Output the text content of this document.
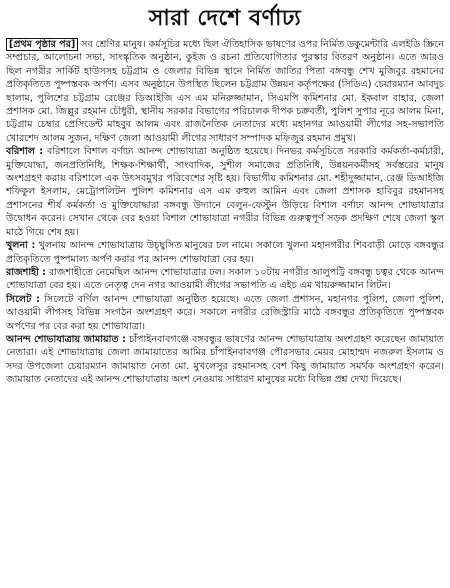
সারা দেশে বর্ণাঢ্য

[প্রথম পৃষ্ঠার পর] সব শ্রেণির মানুষ। কর্মসূচির মধ্যে ছিল ঐতিহাসিক ভাষণের ওপর নির্মিত ডকুমেন্টারি এলইডি স্ক্রিনে সম্প্রচার, আলোচনা সভা, সাংস্কৃতিক অনুষ্ঠান, কুইজ ও রচনা প্রতিযোগিতার পুরস্কার বিতরণ অনুষ্ঠান। এতে আরও ছিল নগরীর সার্কিট হাউসসহ চট্টগ্রাম ও জেলার বিভিন্ন স্থানে নির্মিত জাতির পিতা বঙ্গবন্ধু শেখ মুজিবুর রহমানের প্রতিকৃতিতে পুষ্পস্তবক অর্পণ। এসব অনুষ্ঠানে উপস্থিত ছিলেন চট্টগ্রাম উন্নয়ন কর্তৃপক্ষের (সিডিএ) চেয়ারম্যান আবদুচ ছালাম, পুলিশের চট্টগ্রাম রেঞ্জের ডিআইজি এস এম মনিরুজ্জামান, সিএমপি কমিশনার মো. ইকবাল বাহার, জেলা প্রশাসক মো. জিল্লুর রহমান চৌধুরী, স্থানীয় সরকার বিভাগের পরিচালক দীপক চক্রবর্তী, পুলিশ সুপার নূরে আলম মিনা, চট্টগ্রাম চেম্বার প্রেসিডেন্ট মাহবুব আলম এবং রাজনৈতিক নেতাদের মধ্যে মহানগর আওয়ামী লীগের সহ-সভাপতি খোরশেদ আলম সুজন, দক্ষিণ জেলা আওয়ামী লীগের সাধারণ সম্পাদক মফিজুর রহমান প্রমুখ।

বরিশাল : বরিশালে বিশাল বর্ণাঢ্য আনন্দ শোভাযাত্রা অনুষ্ঠিত হয়েছে। দিনভর কর্মসূচিতে সরকারি কর্মকর্তা-কর্মচারী, মুক্তিযোদ্ধা, জনপ্রতিনিধি, শিক্ষক-শিক্ষার্থী, সাংবাদিক, সুশীল সমাজের প্রতিনিধি, উন্নয়নকর্মীসহ সর্বস্তরের মানুষ অংশগ্রহণ করায় বরিশালে এক উৎসবমুখর পরিবেশের সৃষ্টি হয়। বিভাগীয় কমিশনার মো. শহীদুজ্জামান, রেঞ্জ ডিআইজি শফিকুল ইসলাম, মেট্রোপলিটন পুলিশ কমিশনার এস এম রুহুল আমিন এবং জেলা প্রশাসক হাবিবুর রহমানসহ প্রশাসনের শীর্ষ কর্মকর্তা ও মুক্তিযোদ্ধারা বঙ্গবন্ধু উদ্যানে বেলুন-ফেস্টুন উড়িয়ে বিশাল বর্ণাঢ্য আনন্দ শোভাযাত্রার উদ্বোধন করেন। সেখান থেকে বের হওয়া বিশাল শোভাযাত্রা নগরীর বিভিন্ন গুরুত্বপূর্ণ সড়ক প্রদক্ষিণ শেষে জেলা স্কুল মাঠে গিয়ে শেষ হয়।

খুলনা : খুলনায় আনন্দ শোভাযাত্রায় উচ্ছ্বসিত মানুষের ঢল নামে। সকালে খুলনা মহানগরীর শিববাড়ী মোড়ে বঙ্গবন্ধুর প্রতিকৃতিতে পুষ্পমাল্য অর্পণ করার পর আনন্দ শোভাযাত্রা বের হয়।

রাজশাহী : রাজশাহীতে নেমেছিল আনন্দ শোভাযাত্রার ঢল। সকাল ১০টায় নগরীর আলুপট্টি বঙ্গবন্ধু চত্বর থেকে আনন্দ শোভাযাত্রা বের হয়। এতে নেতৃত্ব দেন নগর আওয়ামী লীগের সভাপতি এ এইচ এম খায়রুজ্জামান লিটন।

সিলেট : সিলেটে বর্ণিল আনন্দ শোভাযাত্রা অনুষ্ঠিত হয়েছে। এতে জেলা প্রশাসন, মহানগর পুলিশ, জেলা পুলিশ, আওয়ামী লীগসহ বিভিন্ন সংগঠন অংশগ্রহণ করে। সকালে নগরীর রেজিস্ট্রারি মাঠে বঙ্গবন্ধুর প্রতিকৃতিতে পুষ্পস্তবক অর্পণের পর বের করা হয় শোভাযাত্রা।

আনন্দ শোভাযাত্রায় জামায়াত : চাঁপাইনবাবগঞ্জে বঙ্গবন্ধুর ভাষণের আনন্দ শোভাযাত্রায় অংশগ্রহণ করেছেন জামায়াত নেতারা। এই শোভাযাত্রায় জেলা জামায়াতের আমির চাঁপাইনবাবগঞ্জ পৌরসভার মেয়র মোহাম্মদ নজরুল ইসলাম ও সদর উপজেলা চেয়ারম্যান জামায়াত নেতা মো. মুখলেসুর রহমানসহ বেশ কিছু জামায়াত সমর্থক অংশগ্রহণ করেন। জামায়াত নেতাদের এই আনন্দ শোভাযাত্রায় অংশ নেওয়ায় সাধারণ মানুষের মধ্যে বিভিন্ন প্রশ্ন দেখা দিয়েছে।
